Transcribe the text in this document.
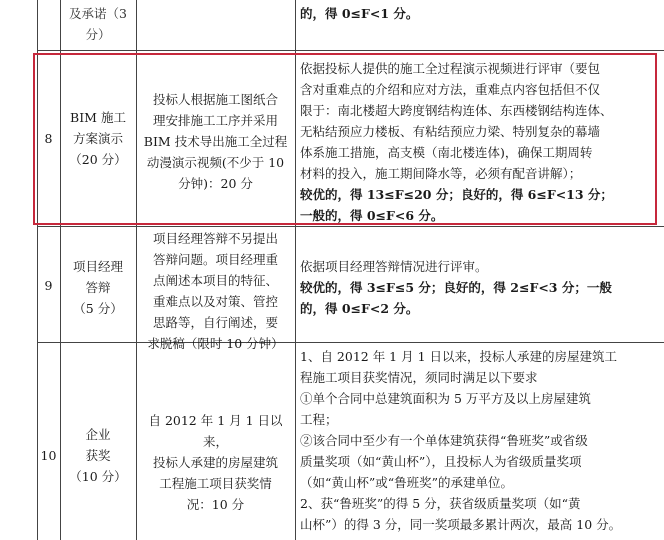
及承诺（3
分）
的，得 0≤F<1 分。
8
BIM 施工
方案演示
（20 分）
投标人根据施工图纸合
理安排施工工序并采用
BIM 技术导出施工全过程
动漫演示视频(不少于 10
分钟)：20 分
依据投标人提供的施工全过程演示视频进行评审（要包
含对重难点的介绍和应对方法，重难点内容包括但不仅
限于：南北楼超大跨度钢结构连体、东西楼钢结构连体、
无粘结预应力楼板、有粘结预应力梁、特别复杂的幕墙
体系施工措施，高支模（南北楼连体)，确保工期周转
材料的投入，施工期间降水等，必须有配音讲解）；
较优的，得 13≤F≤20 分；良好的，得 6≤F<13 分；
一般的，得 0≤F<6 分。
9
项目经理
答辩
（5 分）
项目经理答辩不另提出
答辩问题。项目经理重
点阐述本项目的特征、
重难点以及对策、管控
思路等，自行阐述，要
求脱稿（限时 10 分钟）
依据项目经理答辩情况进行评审。
较优的，得 3≤F≤5 分；良好的，得 2≤F<3 分；一般
的，得 0≤F<2 分。
10
企业
获奖
（10 分）
自 2012 年 1 月 1 日以来，
投标人承建的房屋建筑
工程施工项目获奖情
况：10 分
1、自 2012 年 1 月 1 日以来，投标人承建的房屋建筑工
程施工项目获奖情况，须同时满足以下要求
①单个合同中总建筑面积为 5 万平方及以上房屋建筑
工程；
②该合同中至少有一个单体建筑获得“鲁班奖”或省级
质量奖项（如“黄山杯”），且投标人为省级质量奖项
（如“黄山杯”或“鲁班奖”的承建单位。
2、获“鲁班奖”的得 5 分，获省级质量奖项（如“黄
山杯”）的得 3 分，同一奖项最多累计两次，最高 10 分。
